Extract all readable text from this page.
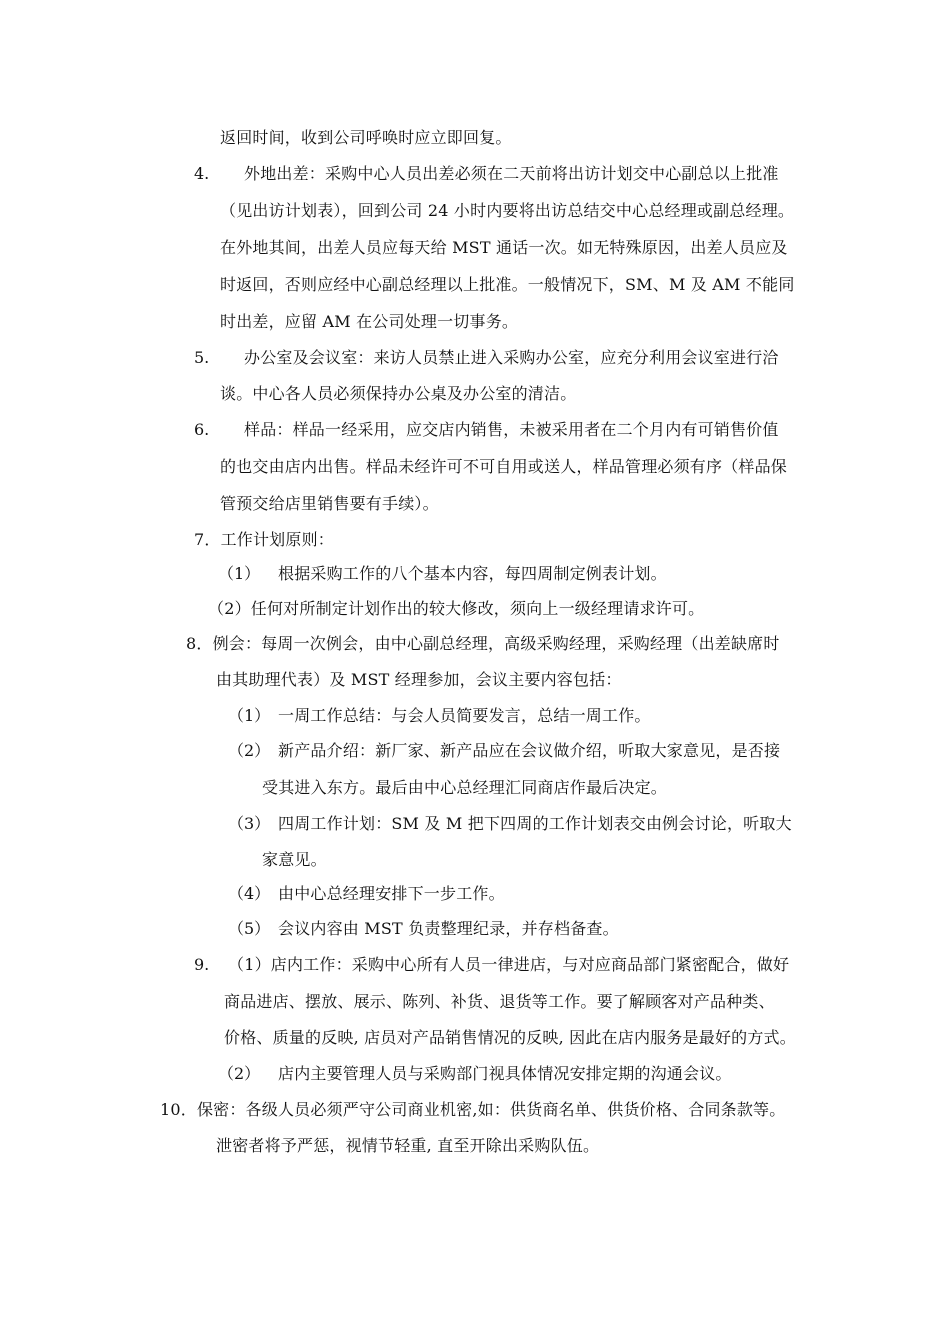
返回时间，收到公司呼唤时应立即回复。
4. 外地出差：采购中心人员出差必须在二天前将出访计划交中心副总以上批准
（见出访计划表），回到公司 24 小时内要将出访总结交中心总经理或副总经理。
在外地其间，出差人员应每天给 MST 通话一次。如无特殊原因，出差人员应及
时返回，否则应经中心副总经理以上批准。一般情况下，SM、M 及 AM 不能同
时出差，应留 AM 在公司处理一切事务。
5. 办公室及会议室：来访人员禁止进入采购办公室，应充分利用会议室进行洽
谈。中心各人员必须保持办公桌及办公室的清洁。
6. 样品：样品一经采用，应交店内销售，未被采用者在二个月内有可销售价值
的也交由店内出售。样品未经许可不可自用或送人，样品管理必须有序（样品保
管预交给店里销售要有手续）。
7．工作计划原则：
（1） 根据采购工作的八个基本内容，每四周制定例表计划。
（2）任何对所制定计划作出的较大修改，须向上一级经理请求许可。
8．例会：每周一次例会，由中心副总经理，高级采购经理，采购经理（出差缺席时
由其助理代表）及 MST 经理参加，会议主要内容包括：
（1） 一周工作总结：与会人员简要发言，总结一周工作。
（2） 新产品介绍：新厂家、新产品应在会议做介绍，听取大家意见，是否接
受其进入东方。最后由中心总经理汇同商店作最后决定。
（3） 四周工作计划：SM 及 M 把下四周的工作计划表交由例会讨论，听取大
家意见。
（4） 由中心总经理安排下一步工作。
（5） 会议内容由 MST 负责整理纪录，并存档备查。
9. （1）店内工作：采购中心所有人员一律进店，与对应商品部门紧密配合，做好
商品进店、摆放、展示、陈列、补货、退货等工作。要了解顾客对产品种类、
价格、质量的反映, 店员对产品销售情况的反映, 因此在店内服务是最好的方式。
（2） 店内主要管理人员与采购部门视具体情况安排定期的沟通会议。
10．保密：各级人员必须严守公司商业机密,如：供货商名单、供货价格、合同条款等。
泄密者将予严惩，视情节轻重, 直至开除出采购队伍。
